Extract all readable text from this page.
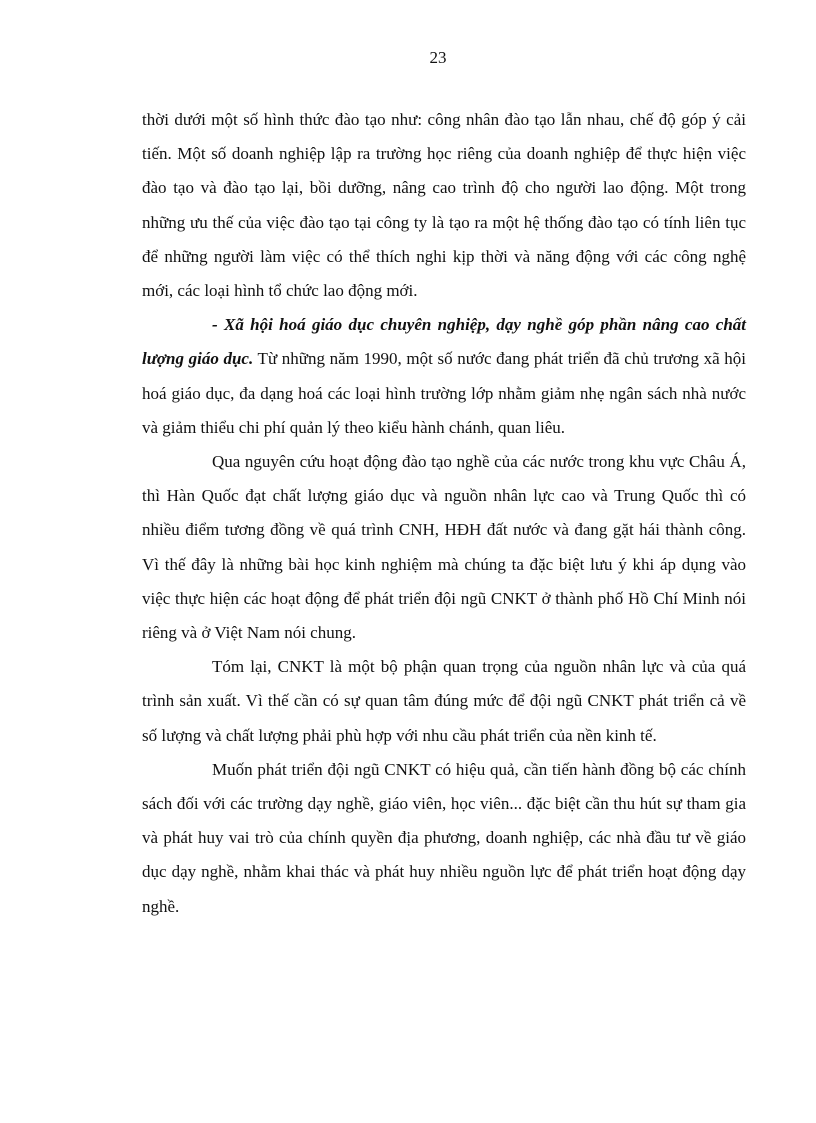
23

thời dưới một số hình thức đào tạo như: công nhân đào tạo lẫn nhau, chế độ góp ý cải tiến. Một số doanh nghiệp lập ra trường học riêng của doanh nghiệp để thực hiện việc đào tạo và đào tạo lại, bồi dưỡng, nâng cao trình độ cho người lao động. Một trong những ưu thế của việc đào tạo tại công ty là tạo ra một hệ thống đào tạo có tính liên tục để những người làm việc có thể thích nghi kịp thời và năng động với các công nghệ mới, các loại hình tổ chức lao động mới.

- Xã hội hoá giáo dục chuyên nghiệp, dạy nghề góp phần nâng cao chất lượng giáo dục. Từ những năm 1990, một số nước đang phát triển đã chủ trương xã hội hoá giáo dục, đa dạng hoá các loại hình trường lớp nhằm giảm nhẹ ngân sách nhà nước và giảm thiểu chi phí quản lý theo kiểu hành chánh, quan liêu.

Qua nguyên cứu hoạt động đào tạo nghề của các nước trong khu vực Châu Á, thì Hàn Quốc đạt chất lượng giáo dục và nguồn nhân lực cao và Trung Quốc thì có nhiều điểm tương đồng về quá trình CNH, HĐH đất nước và đang gặt hái thành công. Vì thế đây là những bài học kinh nghiệm mà chúng ta đặc biệt lưu ý khi áp dụng vào việc thực hiện các hoạt động để phát triển đội ngũ CNKT ở thành phố Hồ Chí Minh nói riêng và ở Việt Nam nói chung.

Tóm lại, CNKT là một bộ phận quan trọng của nguồn nhân lực và của quá trình sản xuất. Vì thế cần có sự quan tâm đúng mức để đội ngũ CNKT phát triển cả về số lượng và chất lượng phải phù hợp với nhu cầu phát triển của nền kinh tế.

Muốn phát triển đội ngũ CNKT có hiệu quả, cần tiến hành đồng bộ các chính sách đối với các trường dạy nghề, giáo viên, học viên... đặc biệt cần thu hút sự tham gia và phát huy vai trò của chính quyền địa phương, doanh nghiệp, các nhà đầu tư về giáo dục dạy nghề, nhằm khai thác và phát huy nhiều nguồn lực để phát triển hoạt động dạy nghề.
